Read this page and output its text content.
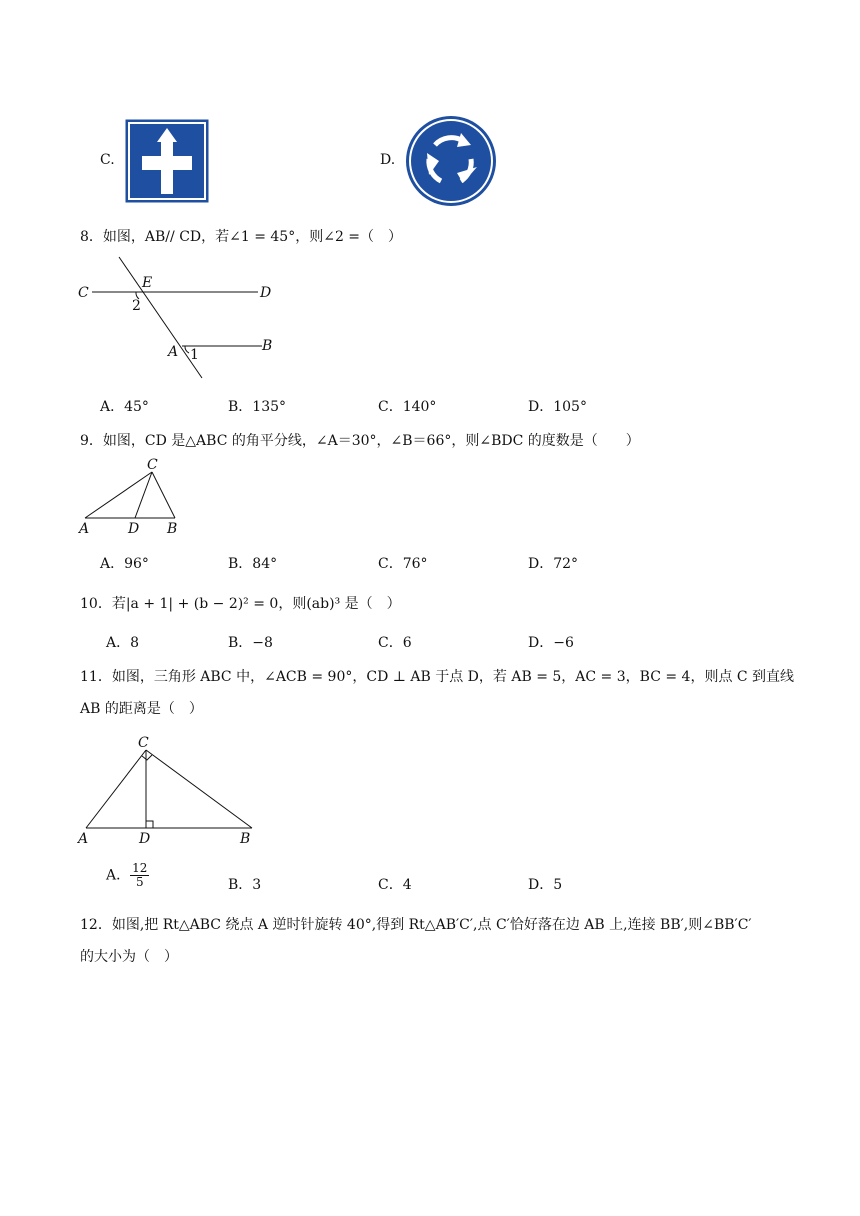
C.	D.
8．如图，AB// CD，若∠1 = 45°，则∠2 =（　）
C
E
D
2
A 1
B
A．45°	B．135°	C．140°	D．105°
9．如图，CD 是△ABC 的角平分线，∠A＝30°，∠B＝66°，则∠BDC 的度数是（　　）
C
A	D B
A．96°	B．84°	C．76°	D．72°
10．若|a + 1| + (b − 2)² = 0，则(ab)³ 是（　）
A．8	B．−8	C．6	D．−6
11．如图，三角形 ABC 中，∠ACB = 90°，CD ⊥ AB 于点 D，若 AB = 5，AC = 3，BC = 4，则点 C 到直线
AB 的距离是（　）
C
A	D	B
A． $\frac{12}{5}$	B．3	C．4	D．5
12．如图,把 Rt△ABC 绕点 A 逆时针旋转 40°,得到 Rt△AB′C′,点 C′恰好落在边 AB 上,连接 BB′,则∠BB′C′
的大小为（　）
